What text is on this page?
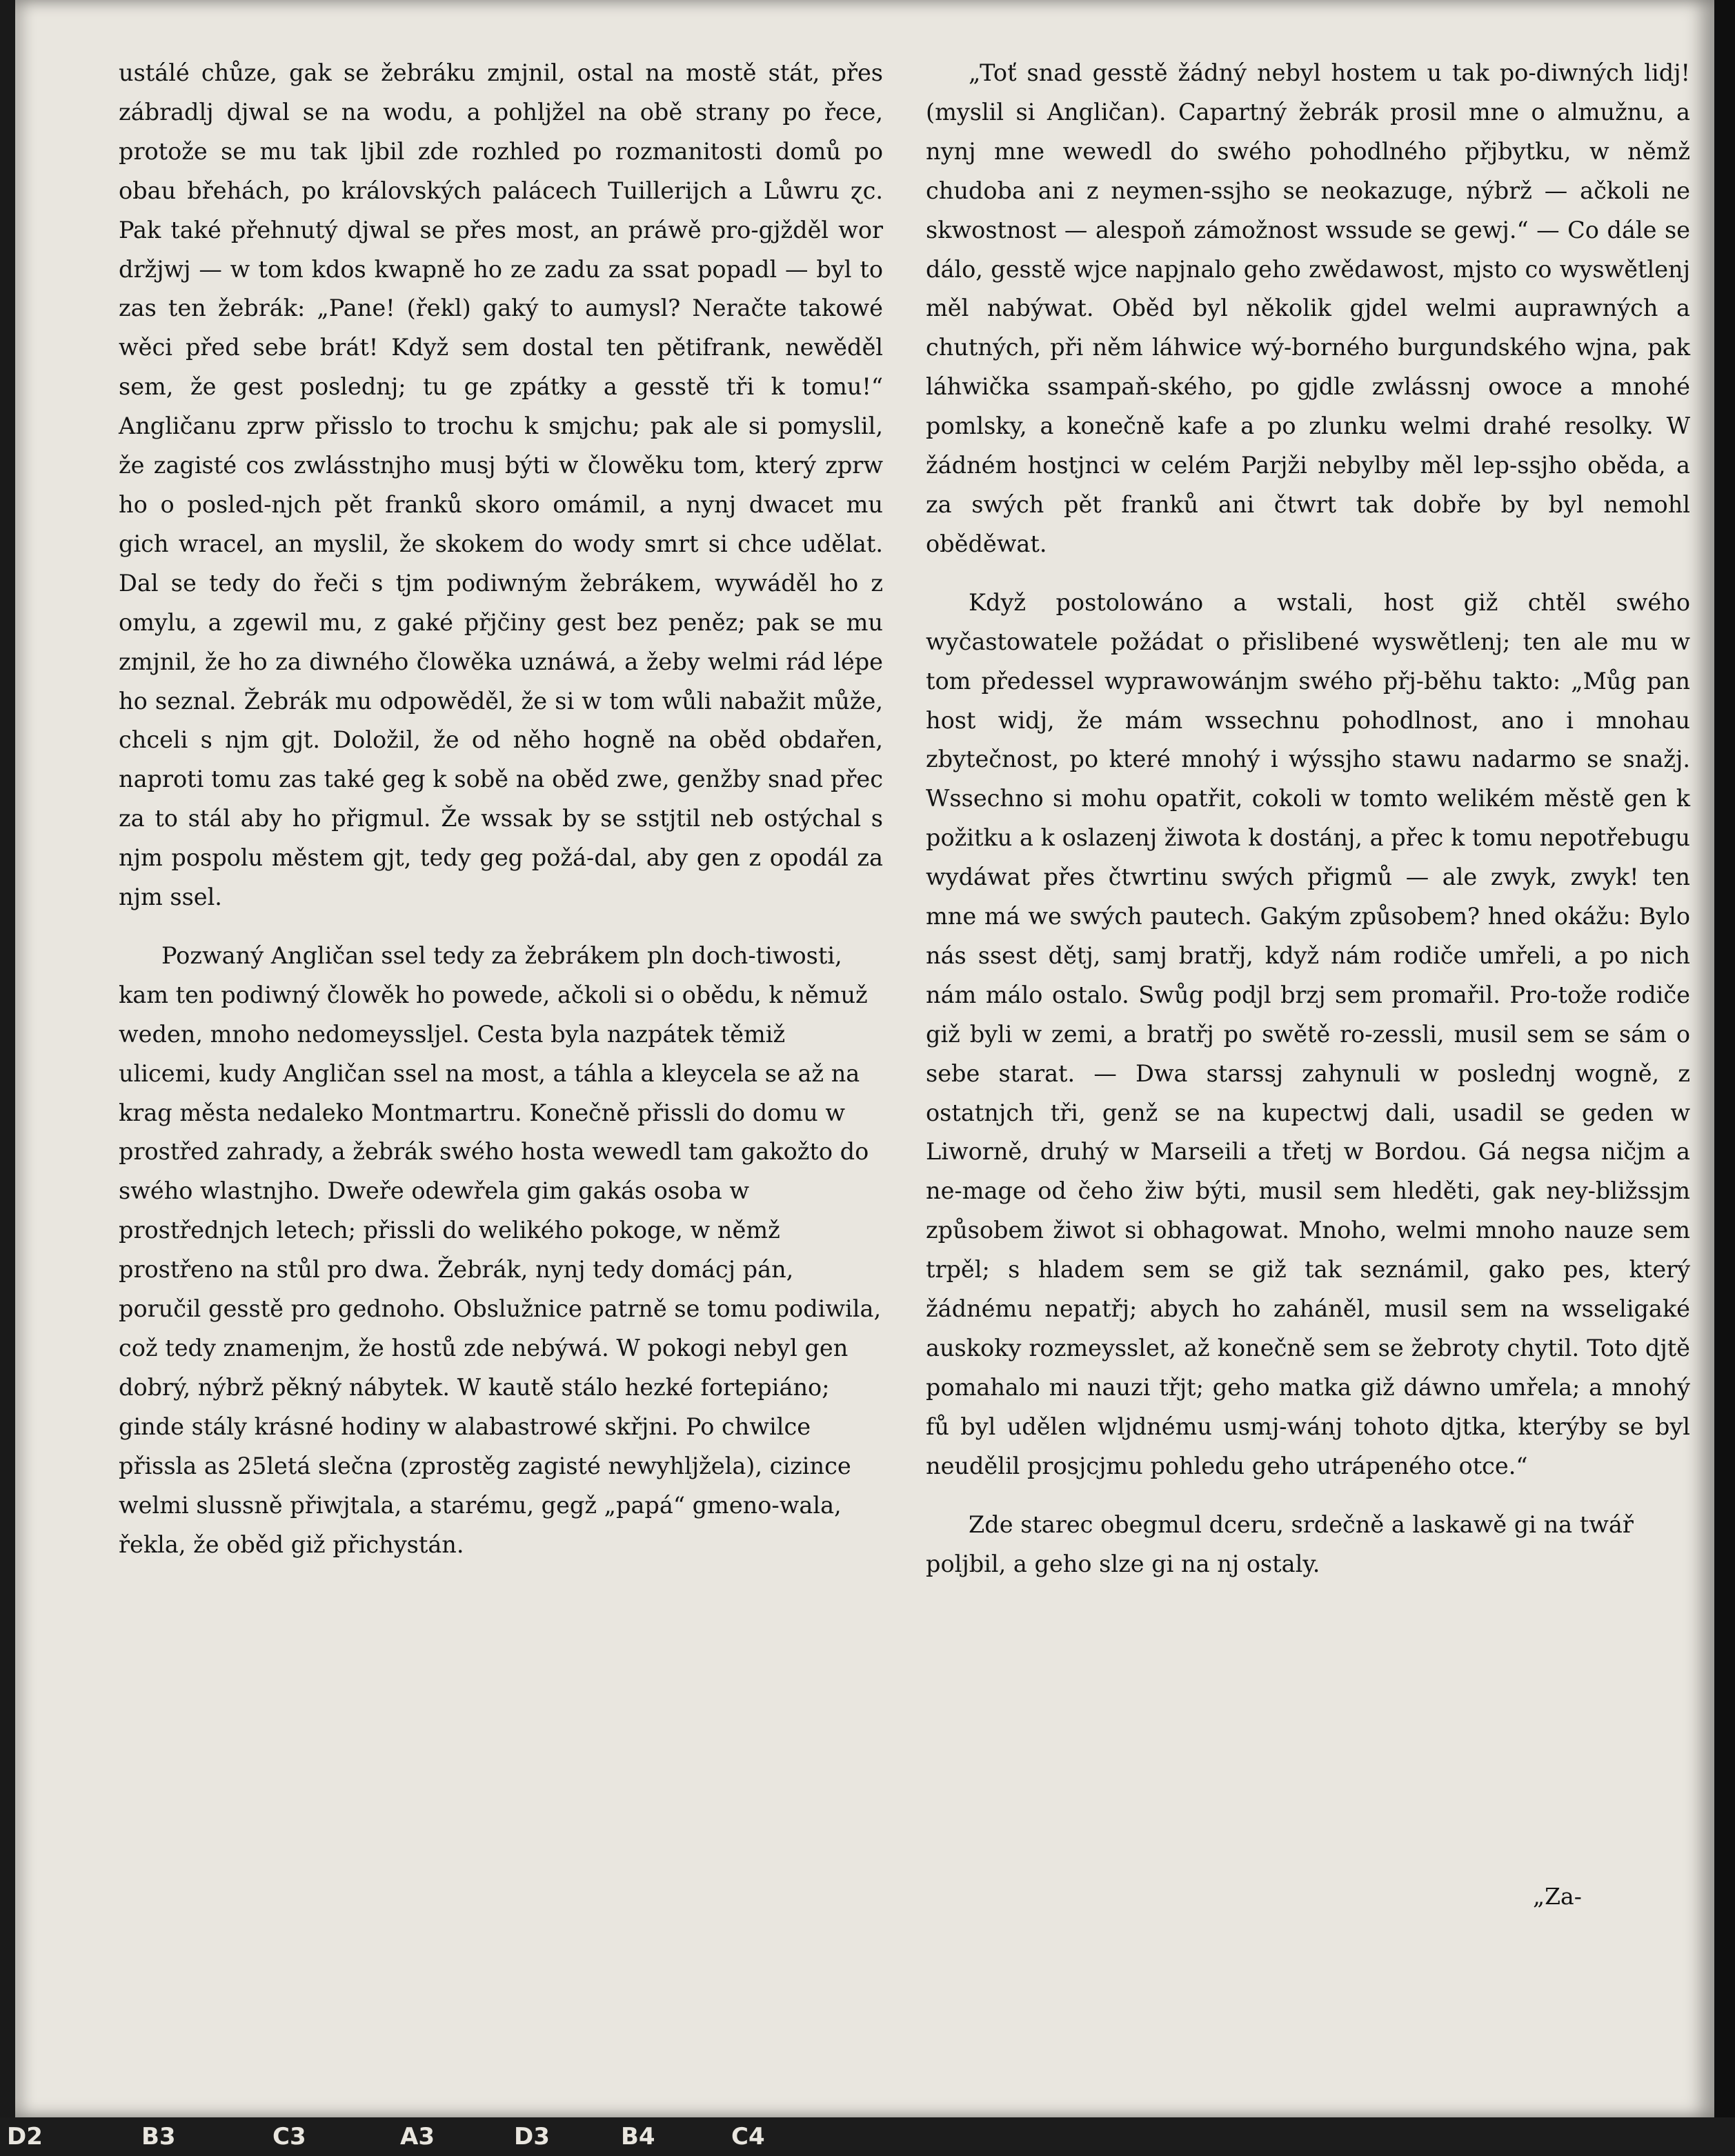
ustálé chůze, gak se žebráku zmjnil, ostal na mostě stát, přes zábradlj djwal se na wodu, a pohljžel na obě strany po řece, protože se mu tak ljbil zde rozhled po rozmanitosti domů po obau břehách, po královských palácech Tuillerijch a Lůwru ɀc. Pak také přehnutý djwal se přes most, an práwě pro-gjžděl wor držjwj — w tom kdos kwapně ho ze zadu za ssat popadl — byl to zas ten žebrák: „Pane! (řekl) gaký to aumysl? Neračte takowé wěci před sebe brát! Když sem dostal ten pětifrank, newěděl sem, že gest poslednj; tu ge zpátky a gesstě tři k tomu!“ Angličanu zprw přisslo to trochu k smjchu; pak ale si pomyslil, že zagisté cos zwlásstnjho musj býti w člowěku tom, který zprw ho o posled-njch pět franků skoro omámil, a nynj dwacet mu gich wracel, an myslil, že skokem do wody smrt si chce udělat. Dal se tedy do řeči s tjm podiwným žebrákem, wywáděl ho z omylu, a zgewil mu, z gaké přjčiny gest bez peněz; pak se mu zmjnil, že ho za diwného člowěka uznáwá, a žeby welmi rád lépe ho seznal. Žebrák mu odpowěděl, že si w tom wůli nabažit může, chceli s njm gjt. Doložil, že od něho hogně na oběd obdařen, naproti tomu zas také geg k sobě na oběd zwe, genžby snad přec za to stál aby ho přigmul. Že wssak by se sstjtil neb ostýchal s njm pospolu městem gjt, tedy geg požá-dal, aby gen z opodál za njm ssel.

Pozwaný Angličan ssel tedy za žebrákem pln doch-tiwosti, kam ten podiwný člowěk ho powede, ačkoli si o obědu, k němuž weden, mnoho nedomeyssljel. Cesta byla nazpátek těmiž ulicemi, kudy Angličan ssel na most, a táhla a kleycela se až na krag města nedaleko Montmartru. Konečně přissli do domu w prostřed zahrady, a žebrák swého hosta wewedl tam gakožto do swého wlastnjho. Dweře odewřela gim gakás osoba w prostřednjch letech; přissli do welikého pokoge, w němž prostřeno na stůl pro dwa. Žebrák, nynj tedy domácj pán, poručil gesstě pro gednoho. Obslužnice patrně se tomu podiwila, což tedy znamenjm, že hostů zde nebýwá. W pokogi nebyl gen dobrý, nýbrž pěkný nábytek. W kautě stálo hezké fortepiáno; ginde stály krásné hodiny w alabastrowé skřjni. Po chwilce přissla as 25letá slečna (zprostěg zagisté newyhljžela), cizince welmi slussně přiwjtala, a starému, gegž „papá“ gmeno-wala, řekla, že oběd giž přichystán.

„Toť snad gesstě žádný nebyl hostem u tak po-diwných lidj! (myslil si Angličan). Capartný žebrák prosil mne o almužnu, a nynj mne wewedl do swého pohodlného přjbytku, w němž chudoba ani z neymen-ssjho se neokazuge, nýbrž — ačkoli ne skwostnost — alespoň zámožnost wssude se gewj.“ — Co dále se dálo, gesstě wjce napjnalo geho zwědawost, mjsto co wyswětlenj měl nabýwat. Oběd byl několik gjdel welmi auprawných a chutných, při něm láhwice wý-borného burgundského wjna, pak láhwička ssampaň-ského, po gjdle zwlássnj owoce a mnohé pomlsky, a konečně kafe a po zlunku welmi drahé resolky. W žádném hostjnci w celém Parjži nebylby měl lep-ssjho oběda, a za swých pět franků ani čtwrt tak dobře by byl nemohl oběděwat.

Když postolowáno a wstali, host giž chtěl swého wyčastowatele požádat o přislibené wyswětlenj; ten ale mu w tom předessel wyprawowánjm swého přj-běhu takto: „Můg pan host widj, že mám wssechnu pohodlnost, ano i mnohau zbytečnost, po které mnohý i wýssjho stawu nadarmo se snažj. Wssechno si mohu opatřit, cokoli w tomto welikém městě gen k požitku a k oslazenj žiwota k dostánj, a přec k tomu nepotřebugu wydáwat přes čtwrtinu swých přigmů — ale zwyk, zwyk! ten mne má we swých pautech. Gakým způsobem? hned okážu: Bylo nás ssest dětj, samj bratřj, když nám rodiče umřeli, a po nich nám málo ostalo. Swůg podjl brzj sem promařil. Pro-tože rodiče giž byli w zemi, a bratřj po swětě ro-zessli, musil sem se sám o sebe starat. — Dwa starssj zahynuli w poslednj wogně, z ostatnjch tři, genž se na kupectwj dali, usadil se geden w Liworně, druhý w Marseili a třetj w Bordou. Gá negsa ničjm a ne-mage od čeho žiw býti, musil sem hleděti, gak ney-bližssjm způsobem žiwot si obhagowat. Mnoho, welmi mnoho nauze sem trpěl; s hladem sem se giž tak seznámil, gako pes, který žádnému nepatřj; abych ho zaháněl, musil sem na wsseligaké auskoky rozmeysslet, až konečně sem se žebroty chytil. Toto djtě pomahalo mi nauzi třjt; geho matka giž dáwno umřela; a mnohý fů byl udělen wljdnému usmj-wánj tohoto djtka, kterýby se byl neudělil prosjcjmu pohledu geho utrápeného otce.“

Zde starec obegmul dceru, srdečně a laskawě gi na twář poljbil, a geho slze gi na nj ostaly.

„Za-
D2	B3	C3	A3	D3	B4	C4
